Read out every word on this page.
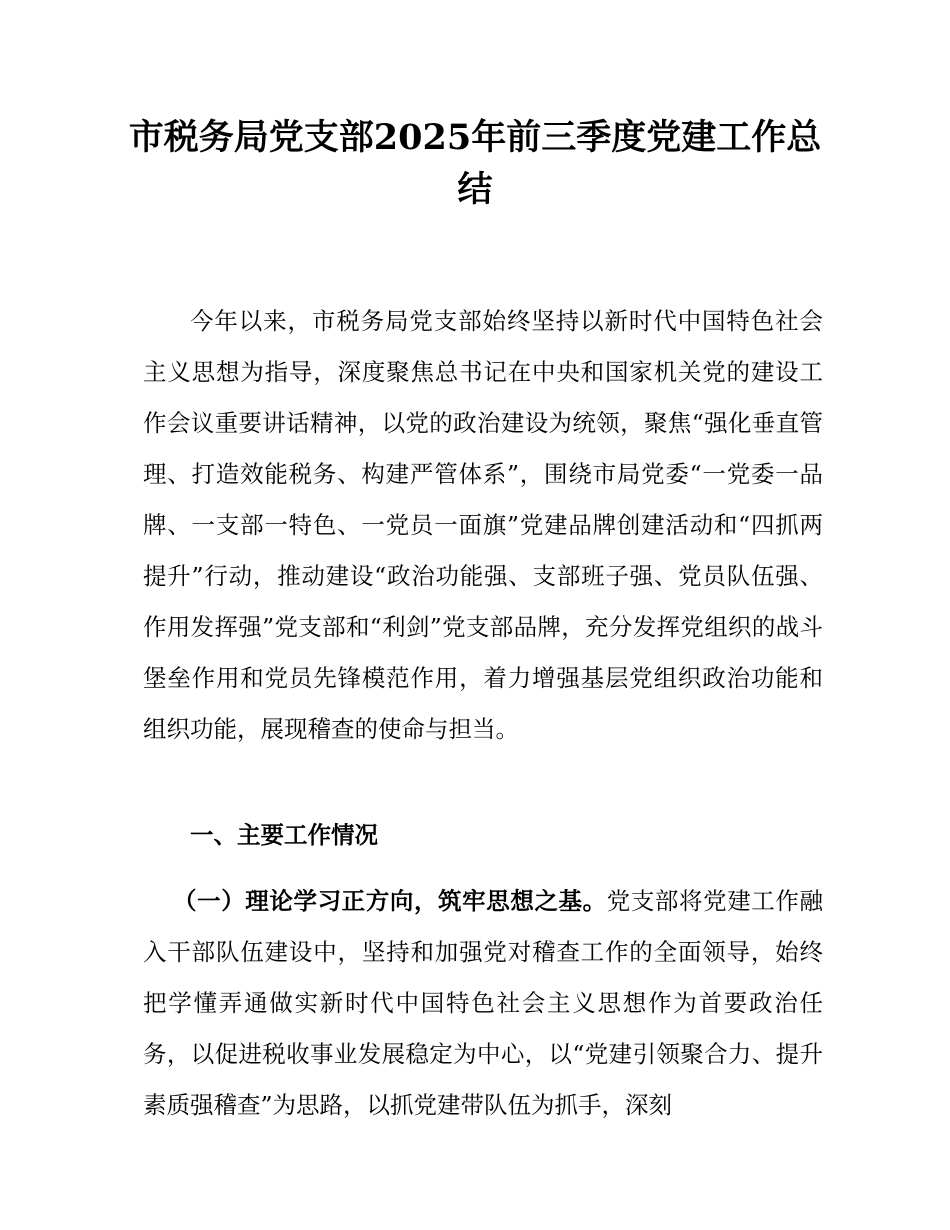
市税务局党支部2025年前三季度党建工作总结

今年以来，市税务局党支部始终坚持以新时代中国特色社会主义思想为指导，深度聚焦总书记在中央和国家机关党的建设工作会议重要讲话精神，以党的政治建设为统领，聚焦“强化垂直管理、打造效能税务、构建严管体系”，围绕市局党委“一党委一品牌、一支部一特色、一党员一面旗”党建品牌创建活动和“四抓两提升”行动，推动建设“政治功能强、支部班子强、党员队伍强、作用发挥强”党支部和“利剑”党支部品牌，充分发挥党组织的战斗堡垒作用和党员先锋模范作用，着力增强基层党组织政治功能和组织功能，展现稽查的使命与担当。

一、主要工作情况

（一）理论学习正方向，筑牢思想之基。党支部将党建工作融入干部队伍建设中，坚持和加强党对稽查工作的全面领导，始终把学懂弄通做实新时代中国特色社会主义思想作为首要政治任务，以促进税收事业发展稳定为中心，以“党建引领聚合力、提升素质强稽查”为思路，以抓党建带队伍为抓手，深刻
